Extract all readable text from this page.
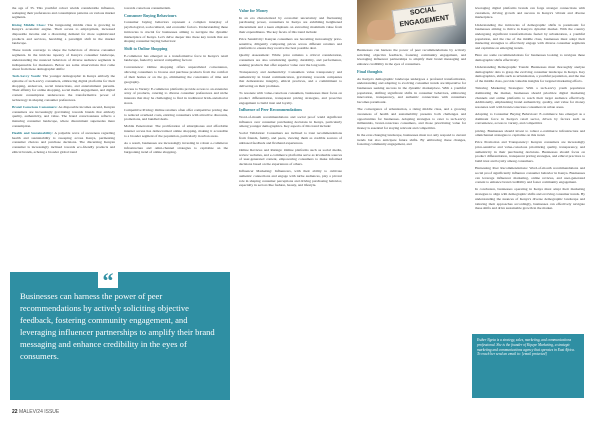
the age of 35. This youthful cohort wields considerable influence, reshaping their preferences and consumption patterns on various market segments.

Rising Middle Class: The burgeoning middle class is growing in Kenya's economic engine. Their access to employment, increased disposable income and a discerning demand for more sophisticated products and services, heralding a paradigm shift in the market landscape.

These trends converge to shape the behaviors of diverse consumer segments. In the intricate tapestry of Kenya's consumer landscape, understanding the nuanced behaviors of diverse audience segments is indispensable for marketers. Below are some observations that come about from these demographic shifts:

Tech-Savvy Youth: The younger demographic in Kenya embody the epitome of tech-savvy consumers, embracing digital platforms for their shopping, endeavors, social interactions, and entertainment pursuits. Their affinity for online shopping, social media engagement, and digital content consumption underscores the transformative power of technology in shaping consumer preferences.

Brand Conscious Consumers: As disposable incomes ascend, Kenyan consumers are increasingly gravitating towards brands that embody quality, authenticity, and value. The brand consciousness reflects a maturing consumer landscape, where discernment supersedes mere consumption.

Health and Sustainability: A palpable wave of awareness regarding health and sustainability is sweeping across Kenya, permeating consumer choices and purchase decisions. The discerning Kenyan consumer is increasingly inclined towards eco-friendly products and ethical brands, echoing a broader global trend

towards conscious consumerism.

Consumer Buying Behaviours

Consumer buying behaviors represent a complex interplay of psychological, sociocultural, and economic factors. Understanding these intricacies is crucial for businesses aiming to navigate the dynamic marketplace of Kenya. Let's delve deeper into these key trends that are shaping consumer buying behaviors:

Shift to Online Shopping

E-commerce has emerged as a transformative force in Kenya's retail landscape, fueled by several compelling factors:

Convenience: Online shopping offers unparalleled convenience, allowing consumers to browse and purchase products from the comfort of their homes or on the go, eliminating the constraints of time and geography.

Access to Variety: E-commerce platforms provide access to an extensive array of products, catering to diverse consumer preferences and niche interests that may be challenging to find in traditional brick-and-mortar stores.

Competitive Pricing: Online retailers often offer competitive pricing due to reduced overhead costs, enticing consumers with attractive discounts, promotions, and bundled deals.

Mobile Penetration: The proliferation of smartphones and affordable internet access has democratized online shopping, making it accessible to a broader segment of the population, particularly in urban areas.

As a result, businesses are increasingly investing in robust e-commerce infrastructure and omni-channel strategies to capitalize on the burgeoning trend of online shopping.

Value for Money

In an era characterized by economic uncertainty and fluctuating purchasing power, consumers in Kenya are exhibiting heightened discernment and a keen emphasis on extracting maximum value from their expenditures. The key facets of this trend include:

Price Sensitivity: Kenyan consumers are becoming increasingly price-sensitive, diligently comparing prices across different retailers and platforms to ensure they receive the best possible deal.

Quality Assessment: While price remains a critical consideration, consumers are also scrutinizing quality, durability, and performance, seeking products that offer superior value over the long term.

Transparency and Authenticity: Consumers value transparency and authenticity in brand communication, gravitating towards companies that demonstrate integrity, ethical practices, and a commitment to delivering on their promises.

To resonate with value-conscious consumers, businesses must focus on product differentiation, transparent pricing strategies, and proactive engagement to build trust and loyalty.

Influence of Peer Recommendations

Word-of-mouth recommendations and social proof wield significant influence over consumer purchasing decisions in Kenya, particularly among younger demographics. Key aspects of this trend include:

Social Validation: Consumers are inclined to trust recommendations from friends, family, and peers, viewing them as credible sources of unbiased feedback and firsthand experiences.

Online Reviews and Ratings: Online platforms such as social media, review websites, and e-commerce platforms serve as invaluable sources of user-generated content, empowering consumers to make informed decisions based on the experiences of others.

Influencer Marketing: Influencers, with their ability to cultivate authentic connections and engage with niche audiences, play a pivotal role in shaping consumer perceptions and driving purchasing behavior, especially in sectors like fashion, beauty, and lifestyle.

SOCIAL ENGAGEMENT

Businesses can harness the power of peer recommendations by actively soliciting objective feedback, fostering community engagement, and leveraging influencer partnerships to amplify their brand messaging and enhance credibility in the eyes of consumers.

Final thoughts

As Kenya's demographic landscape undergoes a profound transformation, understanding and adapting to evolving consumer trends are imperative for businesses seeking success in the dynamic marketplace. With a youthful population, shifting significant shifts in consumer behaviors, embracing innovation, transparency, and authentic connections with consumers becomes paramount.

The convergence of urbanization, a rising middle class, and a growing awareness of health and sustainability presents both challenges and opportunities for businesses. Adopting strategies to cater to tech-savvy millennials, brand-conscious consumers, and those prioritizing value for money is essential for staying relevant and competitive.

In the ever-changing landscape, businesses must not only respond to current trends but also anticipate future shifts. By embracing these changes, fostering community engagement, and

leveraging digital platforms brands can forge stronger connections with customers, driving growth and success in Kenya's vibrant and diverse marketplace.

Understanding the intricacies of demographic shifts is paramount for businesses aiming to thrive in Kenya's dynamic market. With the country undergoing significant transformations fueled by urbanization, a youthful population, and the rise of the middle class, businesses must adapt their marketing strategies to effectively engage with diverse consumer segments and capitalize on emerging trends.

Here are some recommendations for businesses looking to navigate these demographic shifts effectively:

Understanding Demographic Trends: Businesses must thoroughly analyze demographic data to grasp the evolving consumer landscape in Kenya. Key demographics, shifts such as urbanization, a youthful population, and the rise of the middle class, provide valuable insights for targeted marketing efforts.

Tailoring Marketing Strategies: With a tech-savvy youth population dominating the market, businesses should prioritize digital marketing channels and online platforms to reach their target audience effectively. Additionally, emphasizing brand authenticity, quality, and value for money resonates well with brand-conscious consumers in urban areas.

Adapting to Consumer Buying Behaviour: E-commerce has emerged as a dominant force in Kenya's retail sector, driven by factors such as convenience, access to variety, and competitive

pricing. Businesses should invest to robust e-commerce infrastructure and omnichannel strategies to capitalize on this trend.

Price Promotion and Transparency: Kenyan consumers are increasingly price-sensitive and value-conscious prioritizing quality, transparency, and authenticity in their purchasing decisions. Businesses should focus on product differentiation, transparent pricing strategies, and ethical practices to build trust and loyalty among consumers.

Harnessing Peer Recommendations: Word-of-mouth recommendations and social proof significantly influence consumer behavior in Kenya. Businesses can leverage influencer marketing, online reviews, and user-generated content to enhance brand credibility and foster community engagement.

In conclusion, businesses operating in Kenya must adapt their marketing strategies to align with demographic shifts and evolving consumer trends. By understanding the nuances of Kenya's diverse demographic landscape and tailoring their approaches accordingly, businesses can effectively navigate these shifts and drive sustainable growth in the market.

“
Businesses can harness the power of peer recommendations by actively soliciting objective feedback, fostering community engagement, and leveraging influencer partnerships to amplify their brand messaging and enhance credibility in the eyes of consumers.
Esther Ngeta is a strategy, sales, marketing, and communications professional. She is the founder of Kipepe Marketing, a strategic marketing and communications agency that operates in East Africa. To reach her send an email to: [email protected]
22 MALEV/24 ISSUE
